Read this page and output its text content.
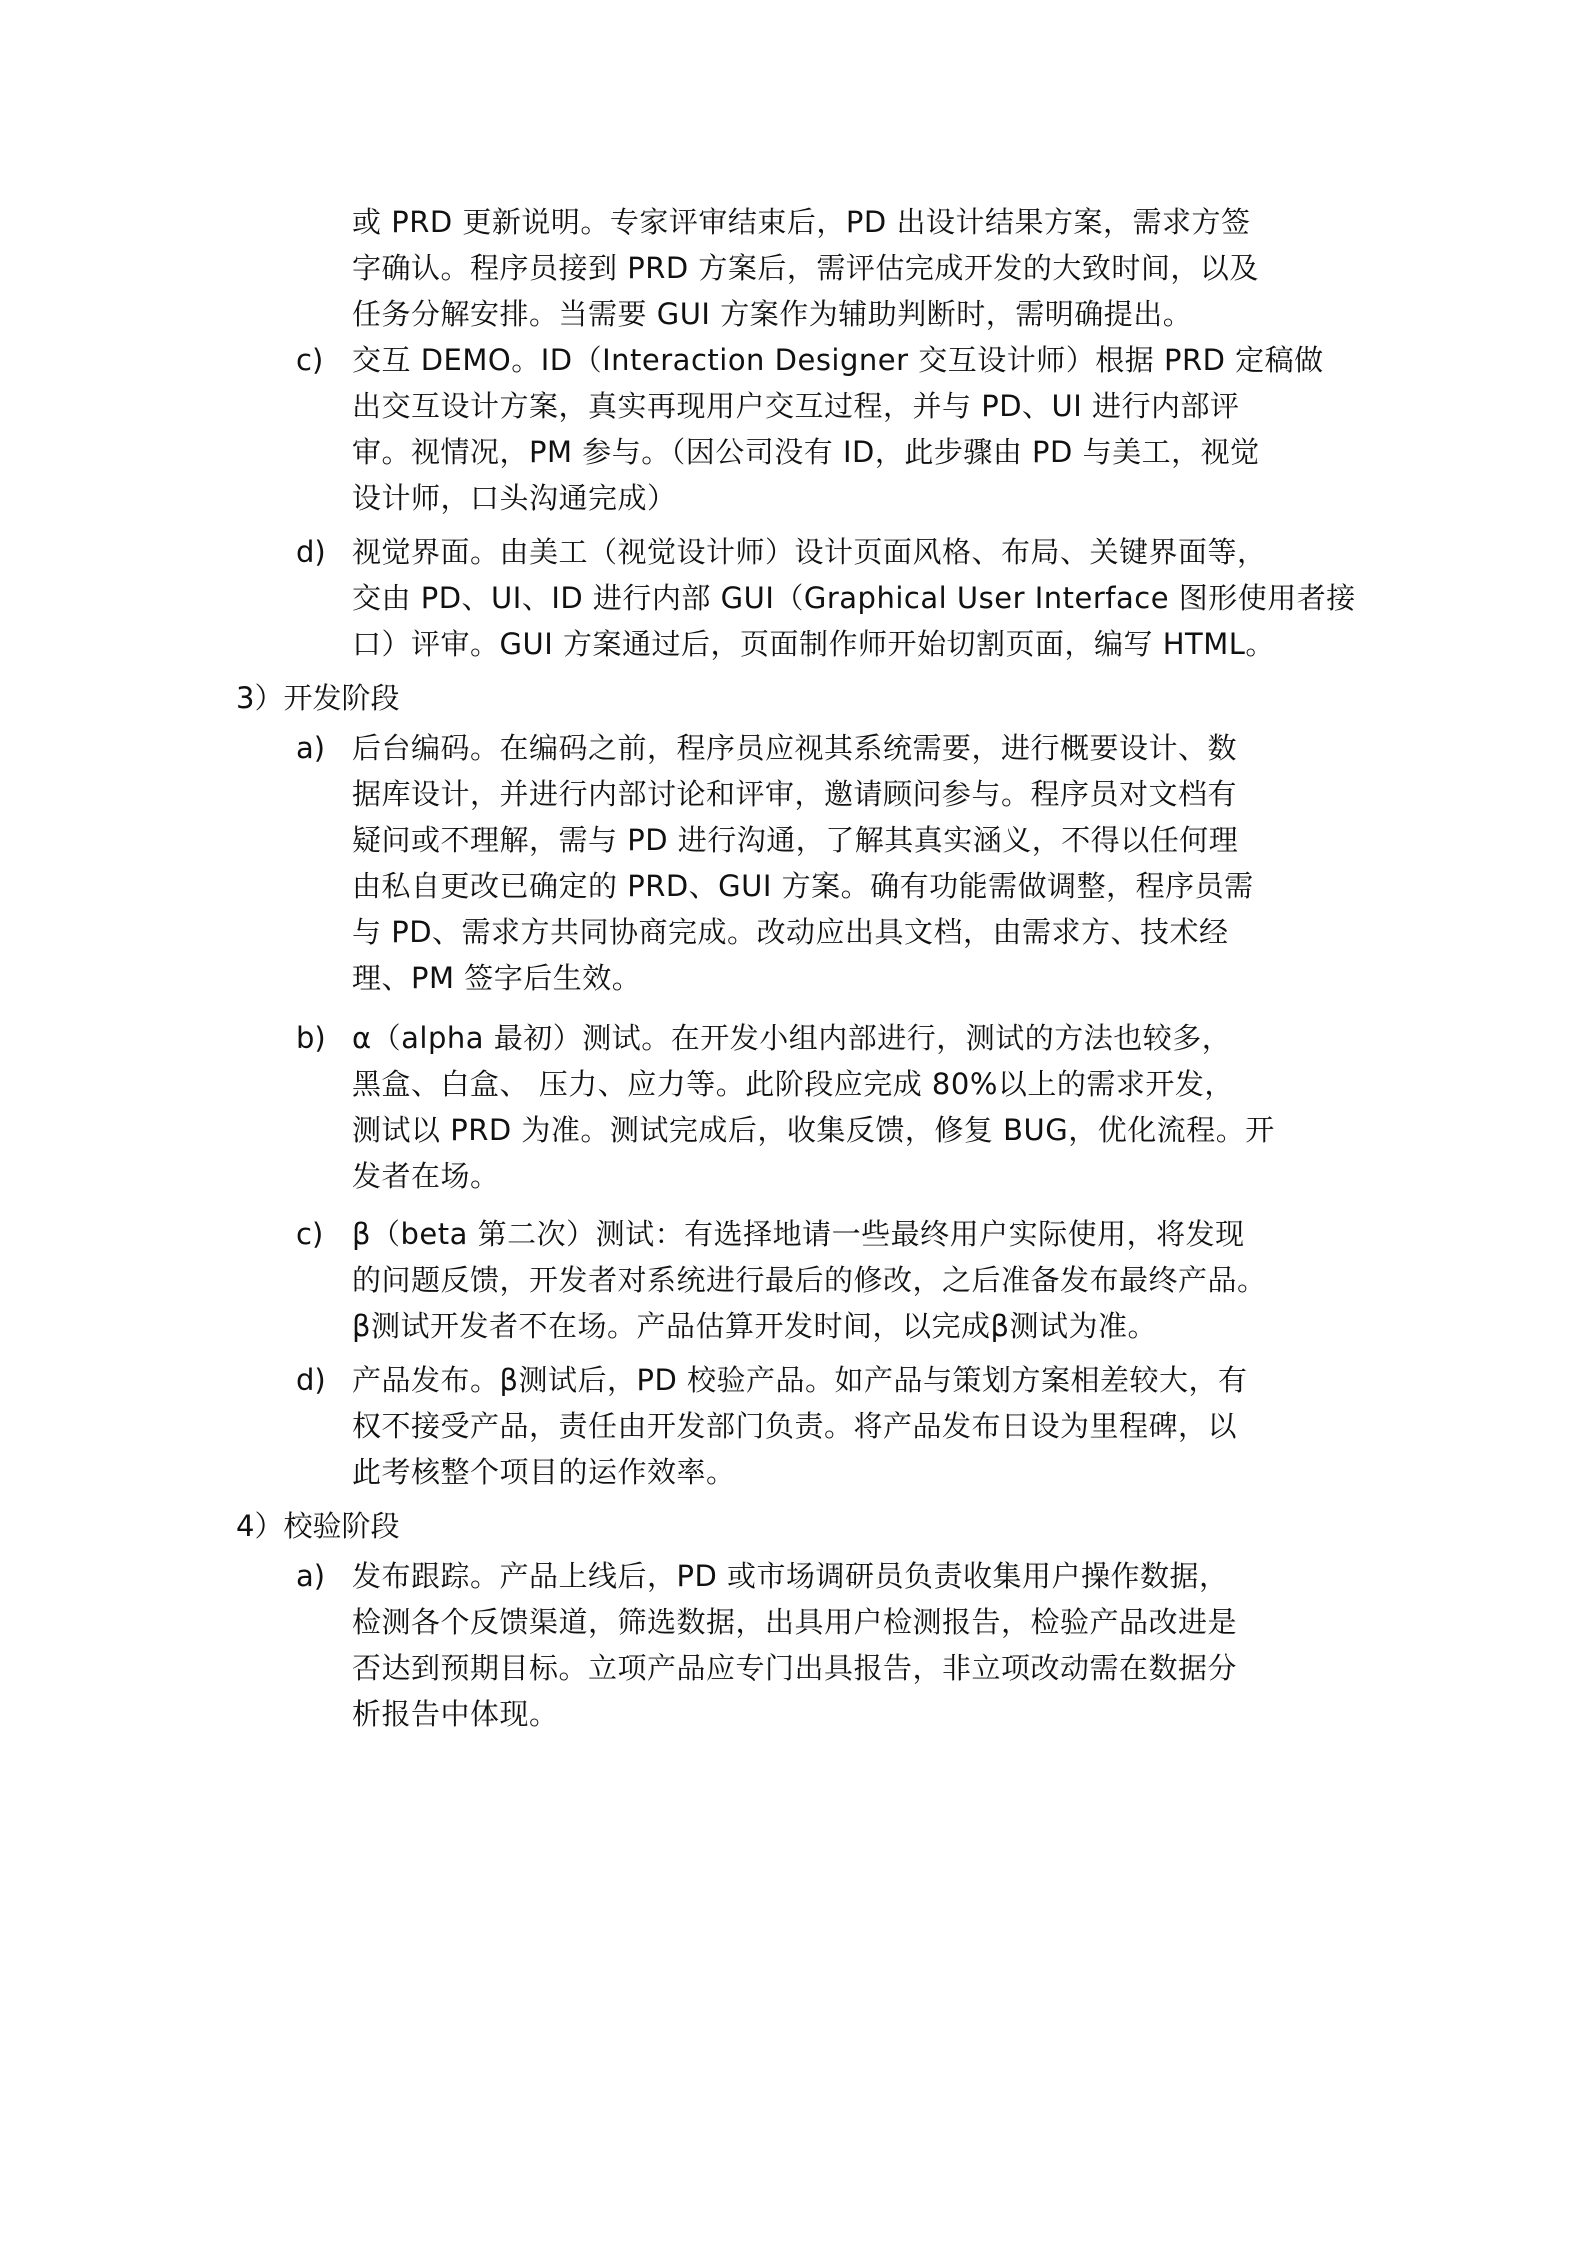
或 PRD 更新说明。专家评审结束后，PD 出设计结果方案，需求方签
字确认。程序员接到 PRD 方案后，需评估完成开发的大致时间，以及
任务分解安排。当需要 GUI 方案作为辅助判断时，需明确提出。
c) 交互 DEMO。ID（Interaction Designer 交互设计师）根据 PRD 定稿做
出交互设计方案，真实再现用户交互过程，并与 PD、UI 进行内部评
审。视情况，PM 参与。（因公司没有 ID，此步骤由 PD 与美工，视觉
设计师，口头沟通完成）
d) 视觉界面。由美工（视觉设计师）设计页面风格、布局、关键界面等，
交由 PD、UI、ID 进行内部 GUI（Graphical User Interface 图形使用者接
口）评审。GUI 方案通过后，页面制作师开始切割页面，编写 HTML。
3）开发阶段
a) 后台编码。在编码之前，程序员应视其系统需要，进行概要设计、数
据库设计，并进行内部讨论和评审，邀请顾问参与。程序员对文档有
疑问或不理解，需与 PD 进行沟通，了解其真实涵义，不得以任何理
由私自更改已确定的 PRD、GUI 方案。确有功能需做调整，程序员需
与 PD、需求方共同协商完成。改动应出具文档，由需求方、技术经
理、PM 签字后生效。
b) α（alpha 最初）测试。在开发小组内部进行，测试的方法也较多，
黑盒、白盒、 压力、应力等。此阶段应完成 80%以上的需求开发，
测试以 PRD 为准。测试完成后，收集反馈，修复 BUG，优化流程。开
发者在场。
c) β（beta 第二次）测试：有选择地请一些最终用户实际使用，将发现
的问题反馈，开发者对系统进行最后的修改，之后准备发布最终产品。
β测试开发者不在场。产品估算开发时间，以完成β测试为准。
d) 产品发布。β测试后，PD 校验产品。如产品与策划方案相差较大，有
权不接受产品，责任由开发部门负责。将产品发布日设为里程碑，以
此考核整个项目的运作效率。
4）校验阶段
a) 发布跟踪。产品上线后，PD 或市场调研员负责收集用户操作数据，
检测各个反馈渠道，筛选数据，出具用户检测报告，检验产品改进是
否达到预期目标。立项产品应专门出具报告，非立项改动需在数据分
析报告中体现。
